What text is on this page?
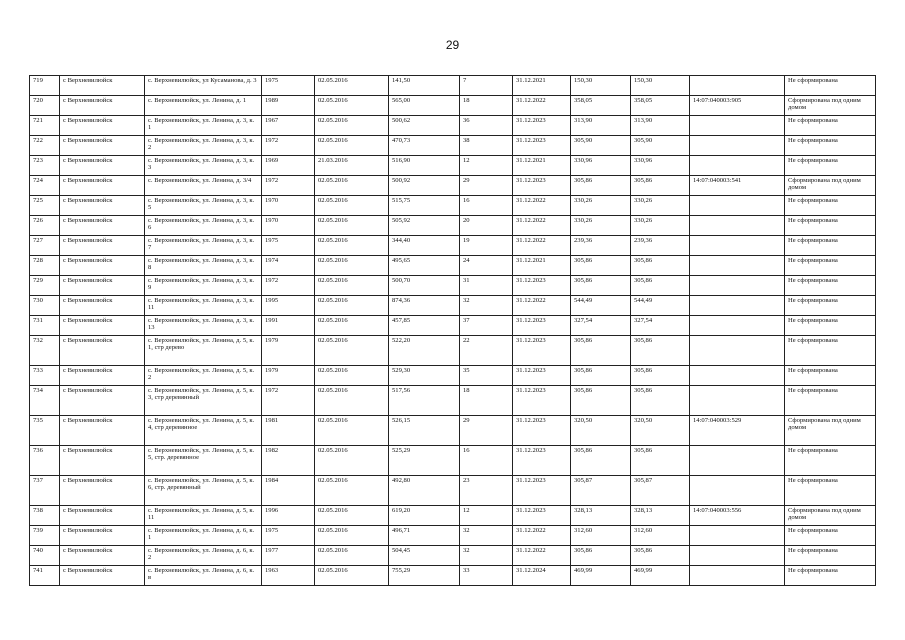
29
719	с Верхневилюйск	с. Верхневилюйск, ул Кусаманова, д. 3	1975	02.05.2016	141,50	7	31.12.2021	150,30	150,30		Не сформирована
720	с Верхневилюйск	с. Верхневилюйск, ул. Ленина, д. 1	1989	02.05.2016	565,00	18	31.12.2022	358,05	358,05	14:07:040003:905	Сформирована под одним домом
721	с Верхневилюйск	с. Верхневилюйск, ул. Ленина, д. 3, к. 1	1967	02.05.2016	500,62	36	31.12.2023	313,90	313,90		Не сформирована
722	с Верхневилюйск	с. Верхневилюйск, ул. Ленина, д. 3, к. 2	1972	02.05.2016	470,73	38	31.12.2023	305,90	305,90		Не сформирована
723	с Верхневилюйск	с. Верхневилюйск, ул. Ленина, д. 3, к. 3	1969	21.03.2016	516,90	12	31.12.2021	330,96	330,96		Не сформирована
724	с Верхневилюйск	с. Верхневилюйск, ул. Ленина, д. 3/4	1972	02.05.2016	500,92	29	31.12.2023	305,86	305,86	14:07:040003:541	Сформирована под одним домом
725	с Верхневилюйск	с. Верхневилюйск, ул. Ленина, д. 3, к. 5	1970	02.05.2016	515,75	16	31.12.2022	330,26	330,26		Не сформирована
726	с Верхневилюйск	с. Верхневилюйск, ул. Ленина, д. 3, к. 6	1970	02.05.2016	505,92	20	31.12.2022	330,26	330,26		Не сформирована
727	с Верхневилюйск	с. Верхневилюйск, ул. Ленина, д. 3, к. 7	1975	02.05.2016	344,40	19	31.12.2022	239,36	239,36		Не сформирована
728	с Верхневилюйск	с. Верхневилюйск, ул. Ленина, д. 3, к. 8	1974	02.05.2016	495,65	24	31.12.2021	305,86	305,86		Не сформирована
729	с Верхневилюйск	с. Верхневилюйск, ул. Ленина, д. 3, к. 9	1972	02.05.2016	500,70	31	31.12.2023	305,86	305,86		Не сформирована
730	с Верхневилюйск	с. Верхневилюйск, ул. Ленина, д. 3, к. 11	1995	02.05.2016	874,36	32	31.12.2022	544,49	544,49		Не сформирована
731	с Верхневилюйск	с. Верхневилюйск, ул. Ленина, д. 3, к. 13	1991	02.05.2016	457,85	37	31.12.2023	327,54	327,54		Не сформирована
732	с Верхневилюйск	с. Верхневилюйск, ул. Ленина, д. 5, к. 1, стр дерево	1979	02.05.2016	522,20	22	31.12.2023	305,86	305,86		Не сформирована
733	с Верхневилюйск	с. Верхневилюйск, ул. Ленина, д. 5, к. 2	1979	02.05.2016	529,30	35	31.12.2023	305,86	305,86		Не сформирована
734	с Верхневилюйск	с. Верхневилюйск, ул. Ленина, д. 5, к. 3, стр деревянный	1972	02.05.2016	517,56	18	31.12.2023	305,86	305,86		Не сформирована
735	с Верхневилюйск	с. Верхневилюйск, ул. Ленина, д. 5, к. 4, стр деревянное	1981	02.05.2016	526,15	29	31.12.2023	320,50	320,50	14:07:040003:529	Сформирована под одним домом
736	с Верхневилюйск	с. Верхневилюйск, ул. Ленина, д. 5, к. 5, стр. деревянное	1982	02.05.2016	525,29	16	31.12.2023	305,86	305,86		Не сформирована
737	с Верхневилюйск	с. Верхневилюйск, ул. Ленина, д. 5, к. 6, стр. деревянный	1984	02.05.2016	492,80	23	31.12.2023	305,87	305,87		Не сформирована
738	с Верхневилюйск	с. Верхневилюйск, ул. Ленина, д. 5, к. 11	1996	02.05.2016	619,20	12	31.12.2023	328,13	328,13	14:07:040003:556	Сформирована под одним домом
739	с Верхневилюйск	с. Верхневилюйск, ул. Ленина, д. 6, к. 1	1975	02.05.2016	496,71	32	31.12.2022	312,60	312,60		Не сформирована
740	с Верхневилюйск	с. Верхневилюйск, ул. Ленина, д. 6, к. 2	1977	02.05.2016	504,45	32	31.12.2022	305,86	305,86		Не сформирована
741	с Верхневилюйск	с. Верхневилюйск, ул. Ленина, д. 6, к. в	1963	02.05.2016	755,29	33	31.12.2024	469,99	469,99		Не сформирована
